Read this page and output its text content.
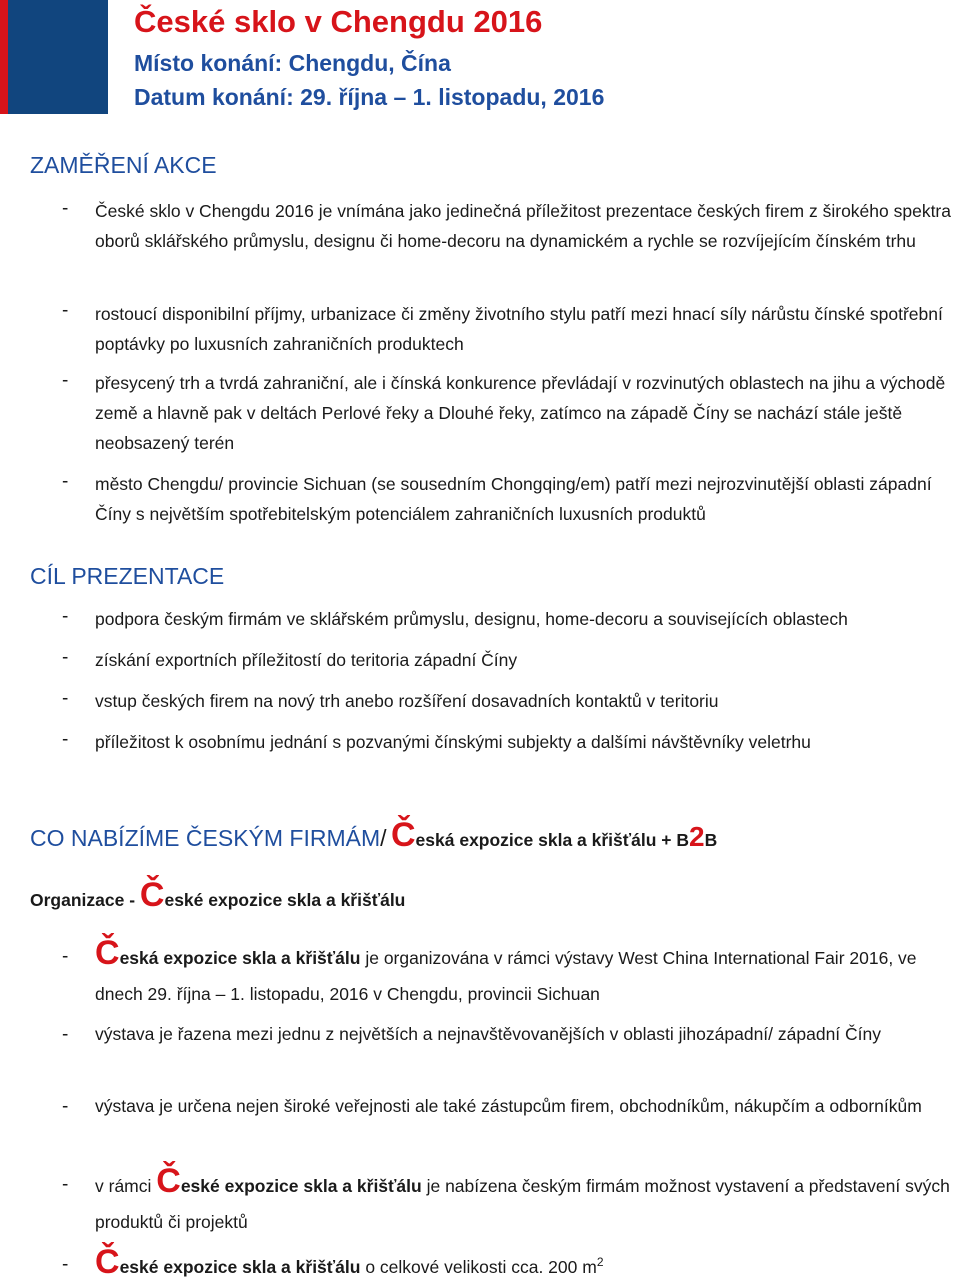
České sklo v Chengdu 2016
Místo konání: Chengdu, Čína
Datum konání: 29. října – 1. listopadu, 2016
ZAMĚŘENÍ AKCE
- České sklo v Chengdu 2016 je vnímána jako jedinečná příležitost prezentace českých firem z širokého spektra oborů sklářského průmyslu, designu či home-decoru na dynamickém a rychle se rozvíjejícím čínském trhu

- rostoucí disponibilní příjmy, urbanizace či změny životního stylu patří mezi hnací síly nárůstu čínské spotřební poptávky po luxusních zahraničních produktech

- přesycený trh a tvrdá zahraniční, ale i čínská konkurence převládají v rozvinutých oblastech na jihu a východě země a hlavně pak v deltách Perlové řeky a Dlouhé řeky, zatímco na západě Číny se nachází stále ještě neobsazený terén

- město Chengdu/ provincie Sichuan (se sousedním Chongqing/em) patří mezi nejrozvinutější oblasti západní Číny s největším spotřebitelským potenciálem zahraničních luxusních produktů

CÍL PREZENTACE
- podpora českým firmám ve sklářském průmyslu, designu, home-decoru a souvisejících oblastech

- získání exportních příležitostí do teritoria západní Číny

- vstup českých firem na nový trh anebo rozšíření dosavadních kontaktů v teritoriu

- příležitost k osobnímu jednání s pozvanými čínskými subjekty a dalšími návštěvníky veletrhu

CO NABÍZÍME ČESKÝM FIRMÁM/ Česká expozice skla a křišťálu + B2B
Organizace - České expozice skla a křišťálu
- Česká expozice skla a křišťálu je organizována v rámci výstavy West China International Fair 2016, ve dnech 29. října – 1. listopadu, 2016 v Chengdu, provincii Sichuan

- výstava je řazena mezi jednu z největších a nejnavštěvovanějších v oblasti jihozápadní/ západní Číny

- výstava je určena nejen široké veřejnosti ale také zástupcům firem, obchodníkům, nákupčím a odborníkům

- v rámci České expozice skla a křišťálu je nabízena českým firmám možnost vystavení a představení svých produktů či projektů

- České expozice skla a křišťálu o celkové velikosti cca. 200 $m^2$
